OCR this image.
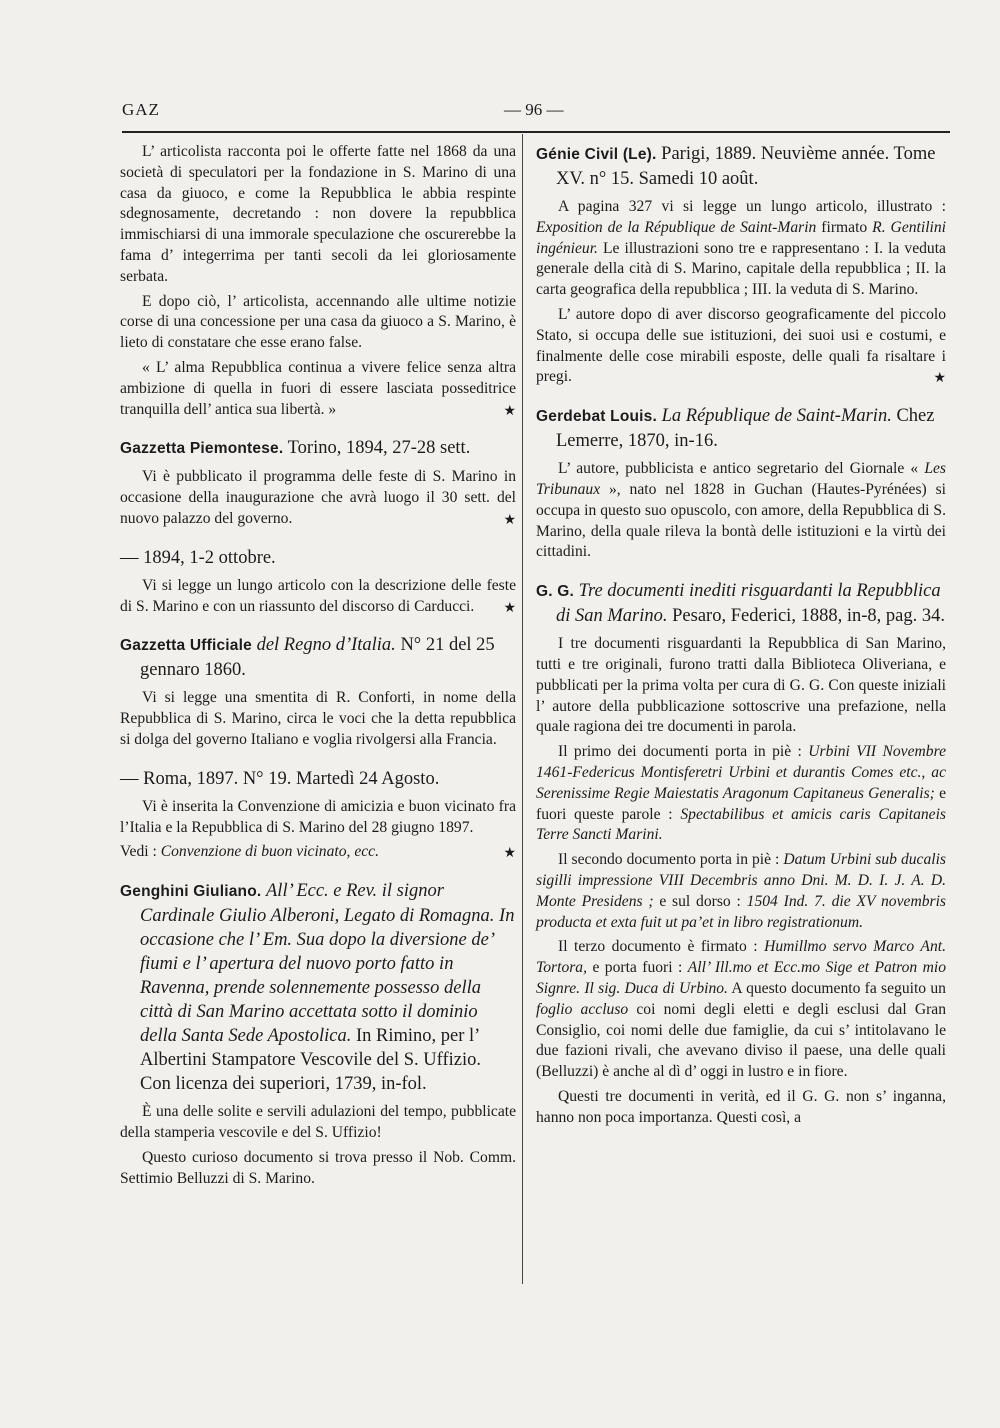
GAZ	— 96 —

L’ articolista racconta poi le offerte fatte nel 1868 da una società di speculatori per la fondazione in S. Marino di una casa da giuoco, e come la Repubblica le abbia respinte sdegnosamente, decretando : non dovere la repubblica immischiarsi di una immorale speculazione che oscurerebbe la fama d’ integerrima per tanti secoli da lei gloriosamente serbata.

E dopo ciò, l’ articolista, accennando alle ultime notizie corse di una concessione per una casa da giuoco a S. Marino, è lieto di constatare che esse erano false.

« L’ alma Repubblica continua a vivere felice senza altra ambizione di quella in fuori di essere lasciata posseditrice tranquilla dell’ antica sua libertà. »	★

Gazzetta Piemontese. Torino, 1894, 27-28 sett.

Vi è pubblicato il programma delle feste di S. Marino in occasione della inaugurazione che avrà luogo il 30 sett. del nuovo palazzo del governo.	★

— 1894, 1-2 ottobre.

Vi si legge un lungo articolo con la descrizione delle feste di S. Marino e con un riassunto del discorso di Carducci.	★

Gazzetta Ufficiale del Regno d’Italia. N° 21 del 25 gennaro 1860.

Vi si legge una smentita di R. Conforti, in nome della Repubblica di S. Marino, circa le voci che la detta repubblica si dolga del governo Italiano e voglia rivolgersi alla Francia.

— Roma, 1897. N° 19. Martedì 24 Agosto.

Vi è inserita la Convenzione di amicizia e buon vicinato fra l’Italia e la Repubblica di S. Marino del 28 giugno 1897.

Vedi : Convenzione di buon vicinato, ecc.	★

Genghini Giuliano. All’ Ecc. e Rev. il signor Cardinale Giulio Alberoni, Legato di Romagna. In occasione che l’ Em. Sua dopo la diversione de’ fiumi e l’ apertura del nuovo porto fatto in Ravenna, prende solennemente possesso della città di San Marino accettata sotto il dominio della Santa Sede Apostolica. In Rimino, per l’ Albertini Stampatore Vescovile del S. Uffizio. Con licenza dei superiori, 1739, in-fol.

È una delle solite e servili adulazioni del tempo, pubblicate della stamperia vescovile e del S. Uffizio!

Questo curioso documento si trova presso il Nob. Comm. Settimio Belluzzi di S. Marino.

Génie Civil (Le). Parigi, 1889. Neuvième année. Tome XV. n° 15. Samedi 10 août.

A pagina 327 vi si legge un lungo articolo, illustrato : Exposition de la République de Saint-Marin firmato R. Gentilini ingénieur. Le illustrazioni sono tre e rappresentano : I. la veduta generale della cità di S. Marino, capitale della repubblica ; II. la carta geografica della repubblica ; III. la veduta di S. Marino.

L’ autore dopo di aver discorso geograficamente del piccolo Stato, si occupa delle sue istituzioni, dei suoi usi e costumi, e finalmente delle cose mirabili esposte, delle quali fa risaltare i pregi.	★

Gerdebat Louis. La République de Saint-Marin. Chez Lemerre, 1870, in-16.

L’ autore, pubblicista e antico segretario del Giornale « Les Tribunaux », nato nel 1828 in Guchan (Hautes-Pyrénées) si occupa in questo suo opuscolo, con amore, della Repubblica di S. Marino, della quale rileva la bontà delle istituzioni e la virtù dei cittadini.

G. G. Tre documenti inediti risguardanti la Repubblica di San Marino. Pesaro, Federici, 1888, in-8, pag. 34.

I tre documenti risguardanti la Repubblica di San Marino, tutti e tre originali, furono tratti dalla Biblioteca Oliveriana, e pubblicati per la prima volta per cura di G. G. Con queste iniziali l’ autore della pubblicazione sottoscrive una prefazione, nella quale ragiona dei tre documenti in parola.

Il primo dei documenti porta in piè : Urbini VII Novembre 1461-Federicus Montisferetri Urbini et durantis Comes etc., ac Serenissime Regie Maiestatis Aragonum Capitaneus Generalis; e fuori queste parole : Spectabilibus et amicis caris Capitaneis Terre Sancti Marini.

Il secondo documento porta in piè : Datum Urbini sub ducalis sigilli impressione VIII Decembris anno Dni. M. D. I. J. A. D. Monte Presidens ; e sul dorso : 1504 Ind. 7. die XV novembris producta et exta fuit ut pa’et in libro registrationum.

Il terzo documento è firmato : Humillmo servo Marco Ant. Tortora, e porta fuori : All’ Ill.mo et Ecc.mo Sige et Patron mio Signre. Il sig. Duca di Urbino. A questo documento fa seguito un foglio accluso coi nomi degli eletti e degli esclusi dal Gran Consiglio, coi nomi delle due famiglie, da cui s’ intitolavano le due fazioni rivali, che avevano diviso il paese, una delle quali (Belluzzi) è anche al dì d’ oggi in lustro e in fiore.

Questi tre documenti in verità, ed il G. G. non s’ inganna, hanno non poca importanza. Questi così, a
